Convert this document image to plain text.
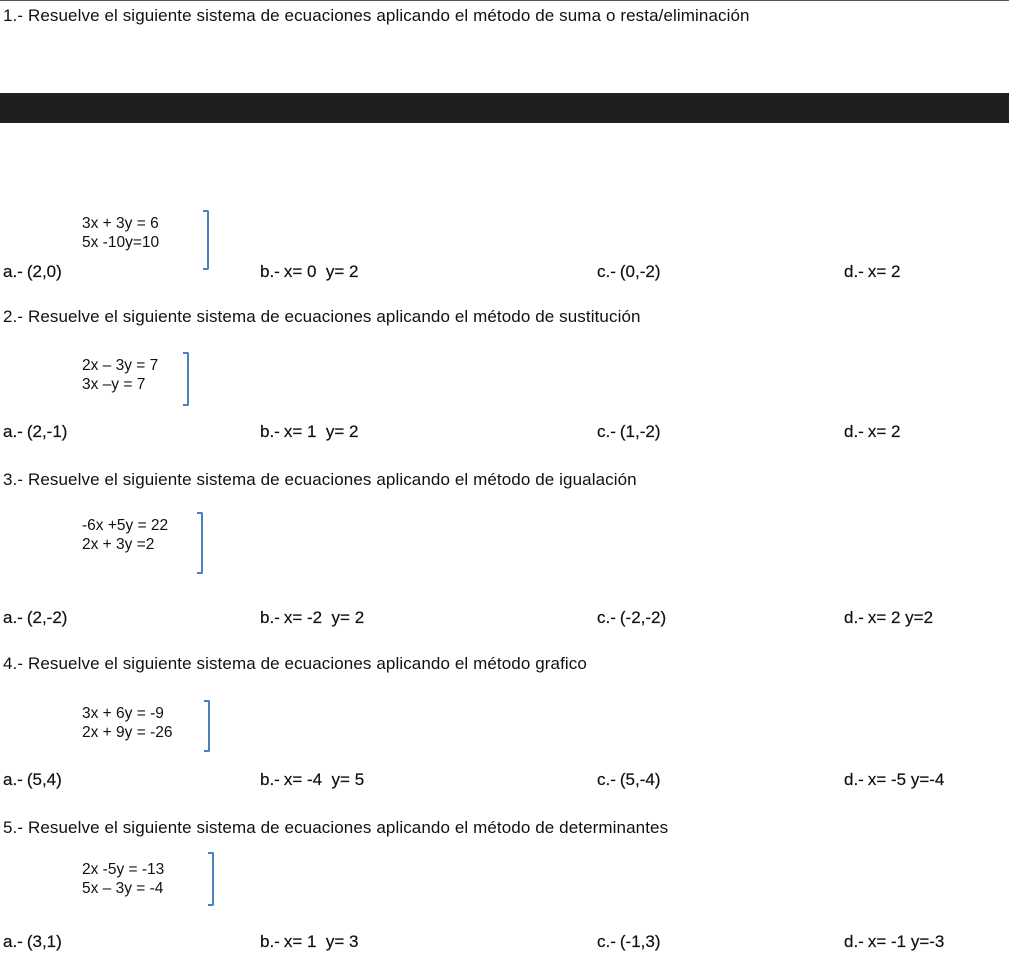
1.- Resuelve el siguiente sistema de ecuaciones aplicando el método de suma o resta/eliminación
3x + 3y = 6
5x -10y=10
a.- (2,0)	b.- x= 0  y= 2	c.- (0,-2)	d.- x= 2
2.- Resuelve el siguiente sistema de ecuaciones aplicando el método de sustitución
2x – 3y = 7
3x –y = 7
a.- (2,-1)	b.- x= 1  y= 2	c.- (1,-2)	d.- x= 2
3.- Resuelve el siguiente sistema de ecuaciones aplicando el método de igualación
-6x +5y = 22
2x + 3y =2
a.- (2,-2)	b.- x= -2  y= 2	c.- (-2,-2)	d.- x= 2 y=2
4.- Resuelve el siguiente sistema de ecuaciones aplicando el método grafico
3x + 6y = -9
2x + 9y = -26
a.- (5,4)	b.- x= -4  y= 5	c.- (5,-4)	d.- x= -5 y=-4
5.- Resuelve el siguiente sistema de ecuaciones aplicando el método de determinantes
2x -5y = -13
5x – 3y = -4
a.- (3,1)	b.- x= 1  y= 3	c.- (-1,3)	d.- x= -1 y=-3
